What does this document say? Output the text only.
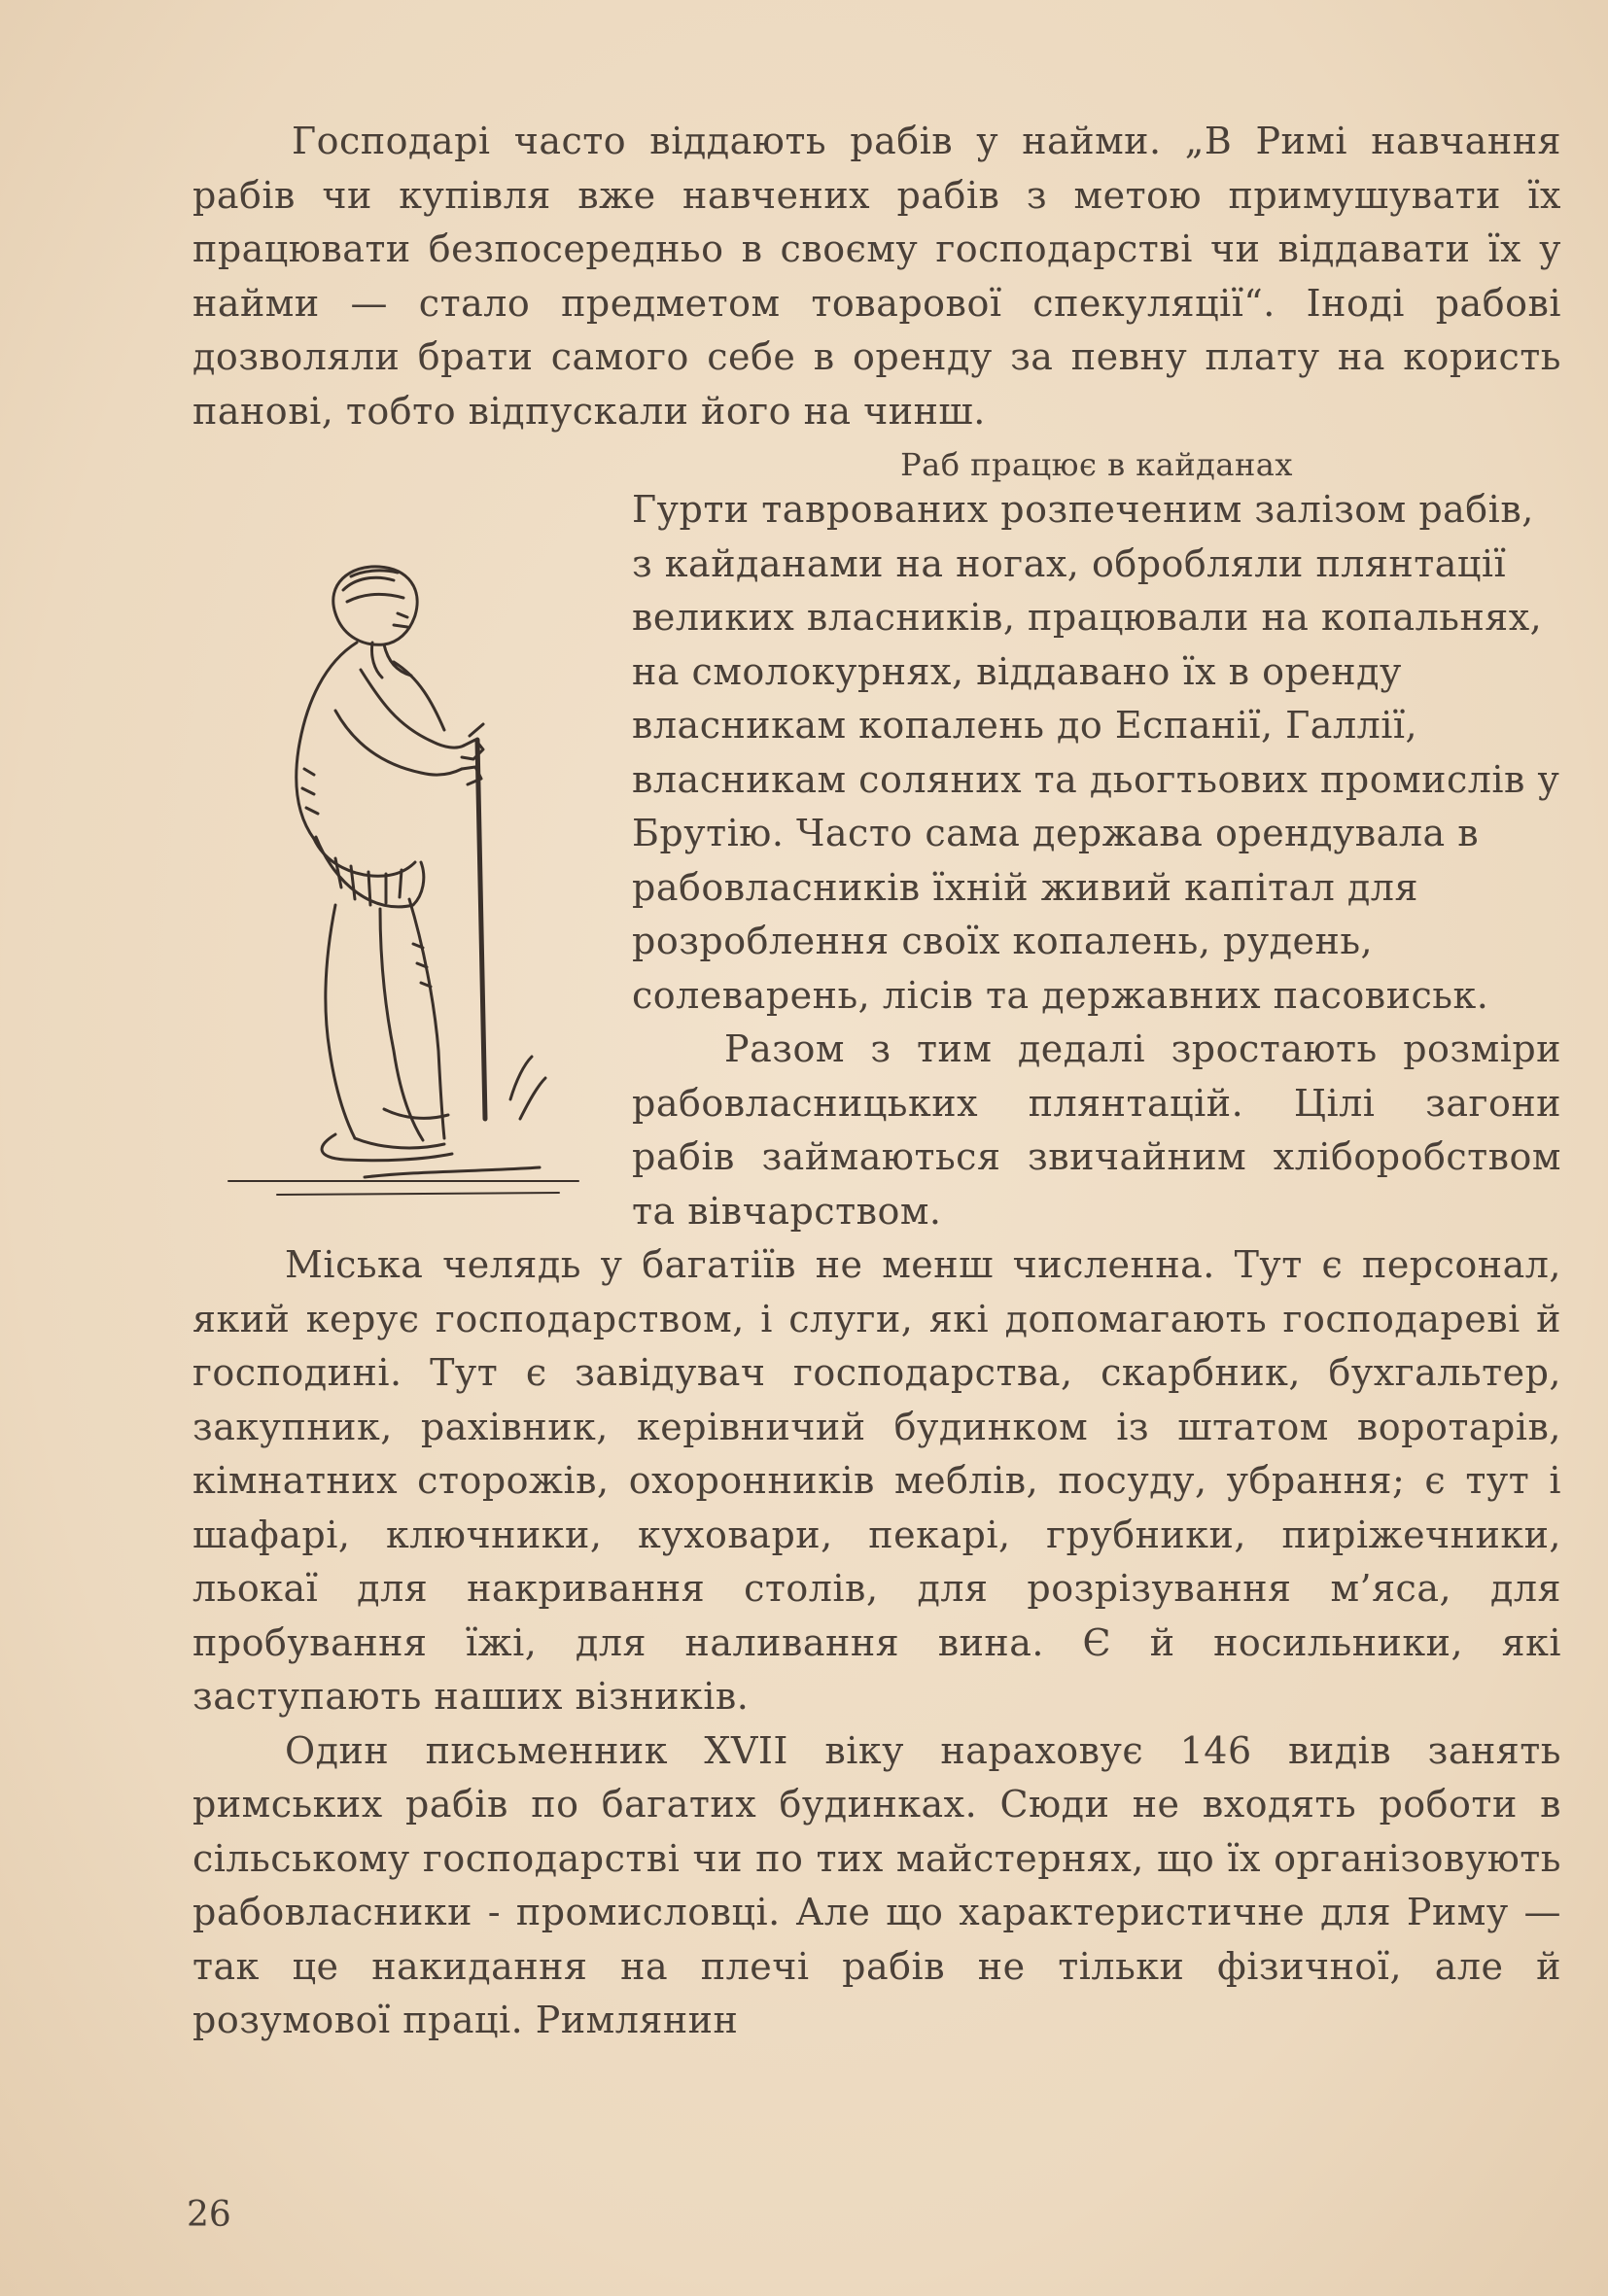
Господарі часто віддають рабів у найми. „В Римі навчання рабів чи купівля вже навчених рабів з метою примушувати їх працювати безпосередньо в своєму господарстві чи віддавати їх у найми — стало предметом товарової спекуляції“. Іноді рабові дозволяли брати самого себе в оренду за певну плату на користь панові, тобто відпускали його на чинш.

Раб працює в кайданах
Гурти таврованих розпеченим залізом рабів, з кайданами на ногах, обробляли плянтації великих власників, працювали на копальнях, на смолокурнях, віддавано їх в оренду власникам копалень до Еспанії, Галлії, власникам соляних та дьогтьових промислів у Брутію. Часто сама держава орендувала в рабовласників їхній живий капітал для розроблення своїх копалень, рудень, солеварень, лісів та державних пасовиськ.

Разом з тим дедалі зростають розміри рабовласницьких плянтацій. Цілі загони рабів займаються звичайним хліборобством та вівчарством.

Міська челядь у багатіїв не менш численна. Тут є персонал, який керує господарством, і слуги, які допомагають господареві й господині. Тут є завідувач господарства, скарбник, бухгальтер, закупник, рахівник, керівничий будинком із штатом воротарів, кімнатних сторожів, охоронників меблів, посуду, убрання; є тут і шафарі, ключники, куховари, пекарі, грубники, пиріжечники, льокаї для накривання столів, для розрізування м’яса, для пробування їжі, для наливання вина. Є й носильники, які заступають наших візників.

Один письменник XVII віку нараховує 146 видів занять римських рабів по багатих будинках. Сюди не входять роботи в сільському господарстві чи по тих майстернях, що їх організовують рабовласники - промисловці. Але що характеристичне для Риму — так це накидання на плечі рабів не тільки фізичної, але й розумової праці. Римлянин

26
